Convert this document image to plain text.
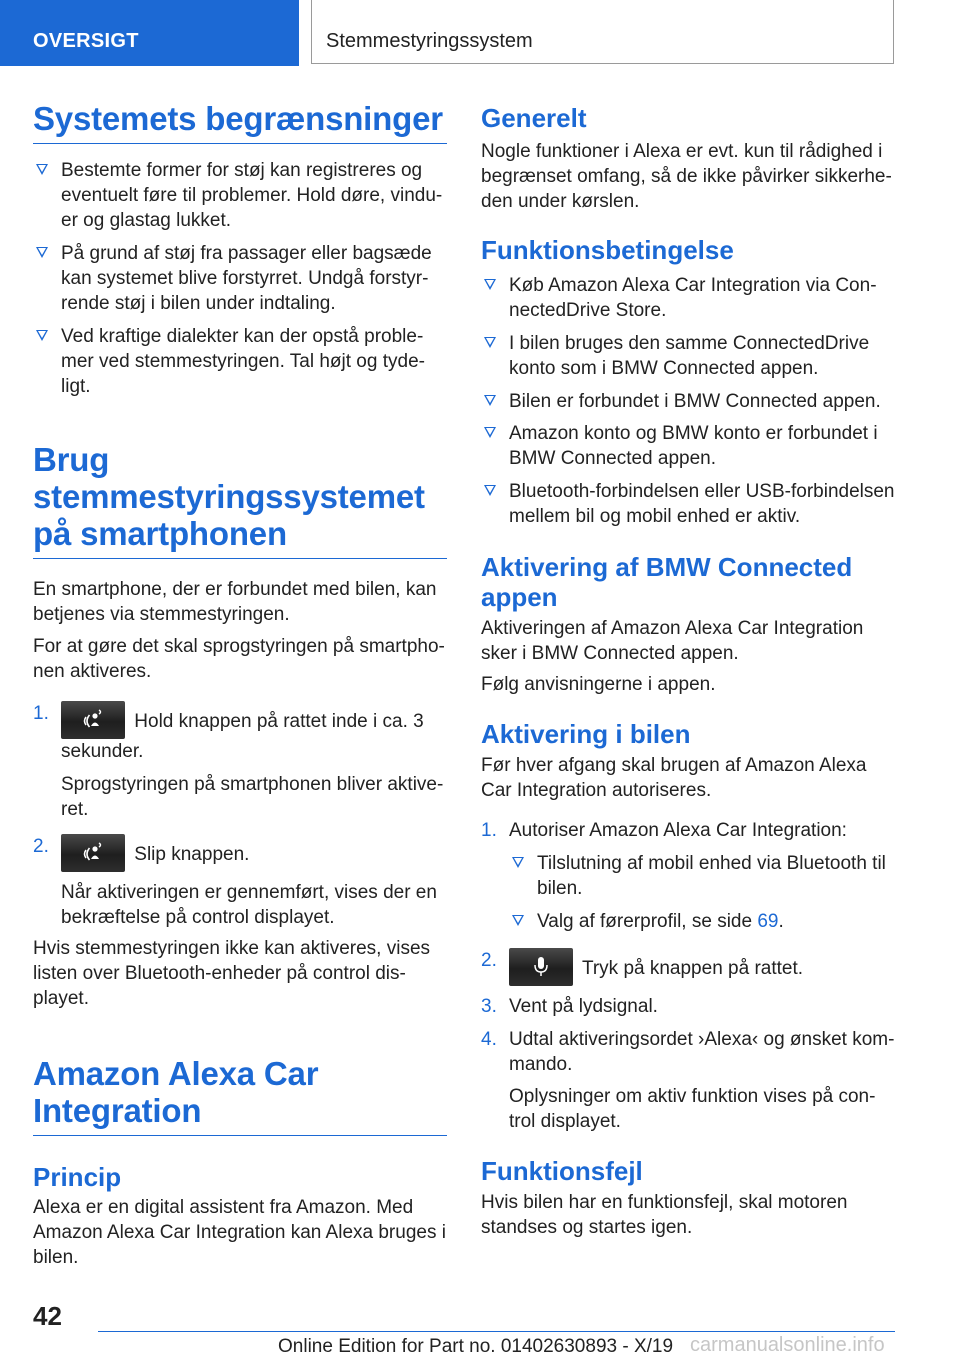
OVERSIGT	Stemmestyringssystem
Systemets begrænsninger
Bestemte former for støj kan registreres og eventuelt føre til problemer. Hold døre, vinduer og glastag lukket.
På grund af støj fra passager eller bagsæde kan systemet blive forstyrret. Undgå forstyrrende støj i bilen under indtaling.
Ved kraftige dialekter kan der opstå problemer ved stemmestyringen. Tal højt og tydeligt.
Brug stemmestyringssystemet på smartphonen

En smartphone, der er forbundet med bilen, kan betjenes via stemmestyringen.

For at gøre det skal sprogstyringen på smartphonen aktiveres.

1.	Hold knappen på rattet inde i ca. 3 sekunder.

Sprogstyringen på smartphonen bliver aktiveret.

2.	Slip knappen.

Når aktiveringen er gennemført, vises der en bekræftelse på control displayet.

Hvis stemmestyringen ikke kan aktiveres, vises listen over Bluetooth-enheder på control displayet.

Amazon Alexa Car Integration
Princip

Alexa er en digital assistent fra Amazon. Med Amazon Alexa Car Integration kan Alexa bruges i bilen.

Generelt

Nogle funktioner i Alexa er evt. kun til rådighed i begrænset omfang, så de ikke påvirker sikkerheden under kørslen.

Funktionsbetingelse
Køb Amazon Alexa Car Integration via ConnectedDrive Store.
I bilen bruges den samme ConnectedDrive konto som i BMW Connected appen.
Bilen er forbundet i BMW Connected appen.
Amazon konto og BMW konto er forbundet i BMW Connected appen.
Bluetooth-forbindelsen eller USB-forbindelsen mellem bil og mobil enhed er aktiv.
Aktivering af BMW Connected appen

Aktiveringen af Amazon Alexa Car Integration sker i BMW Connected appen.

Følg anvisningerne i appen.

Aktivering i bilen

Før hver afgang skal brugen af Amazon Alexa Car Integration autoriseres.

1. Autoriser Amazon Alexa Car Integration:
Tilslutning af mobil enhed via Bluetooth til bilen.
Valg af førerprofil, se side 69.
2.	Tryk på knappen på rattet.
3. Vent på lydsignal.
4. Udtal aktiveringsordet ›Alexa‹ og ønsket kommando.

Oplysninger om aktiv funktion vises på control displayet.

Funktionsfejl

Hvis bilen har en funktionsfejl, skal motoren standses og startes igen.

42
Online Edition for Part no. 01402630893 - X/19 carmanualsonline.info
